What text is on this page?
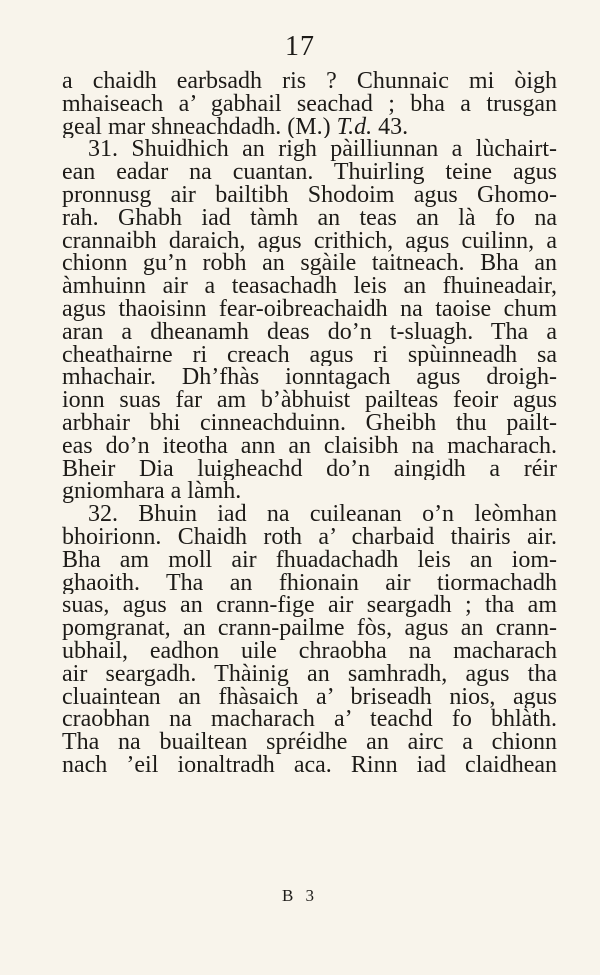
17
a chaidh earbsadh ris ? Chunnaic mi òigh
mhaiseach a’ gabhail seachad ; bha a trusgan
geal mar shneachdadh. (M.) T.d. 43.
31. Shuidhich an righ pàilliunnan a lùchairt-
ean eadar na cuantan. Thuirling teine agus
pronnusg air bailtibh Shodoim agus Ghomo-
rah. Ghabh iad tàmh an teas an là fo na
crannaibh daraich, agus crithich, agus cuilinn, a
chionn gu’n robh an sgàile taitneach. Bha an
àmhuinn air a teasachadh leis an fhuineadair,
agus thaoisinn fear-oibreachaidh na taoise chum
aran a dheanamh deas do’n t-sluagh. Tha a
cheathairne ri creach agus ri spùinneadh sa
mhachair. Dh’fhàs ionntagach agus droigh-
ionn suas far am b’àbhuist pailteas feoir agus
arbhair bhi cinneachduinn. Gheibh thu pailt-
eas do’n iteotha ann an claisibh na macharach.
Bheir Dia luigheachd do’n aingidh a réir
gniomhara a làmh.
32. Bhuin iad na cuileanan o’n leòmhan
bhoirionn. Chaidh roth a’ charbaid thairis air.
Bha am moll air fhuadachadh leis an iom-
ghaoith. Tha an fhionain air tiormachadh
suas, agus an crann-fige air seargadh ; tha am
pomgranat, an crann-pailme fòs, agus an crann-
ubhail, eadhon uile chraobha na macharach
air seargadh. Thàinig an samhradh, agus tha
cluaintean an fhàsaich a’ briseadh nios, agus
craobhan na macharach a’ teachd fo bhlàth.
Tha na buailtean spréidhe an airc a chionn
nach ’eil ionaltradh aca. Rinn iad claidhean
B 3
